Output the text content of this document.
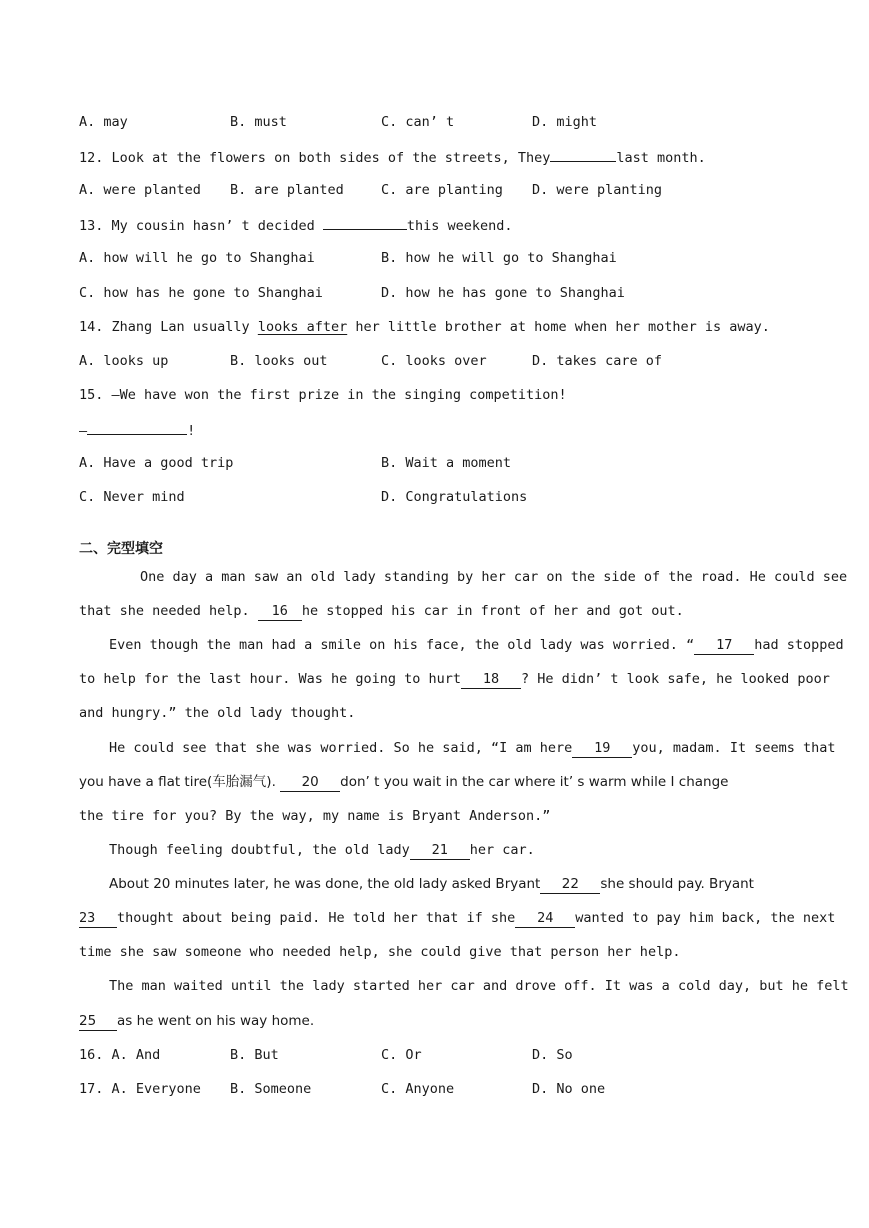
A. may	B. must	C. can’ t	D. might
12. Look at the flowers on both sides of the streets, They	last month.
A. were planted B. are planted	C. are planting D. were planting
13. My cousin hasn’ t decided	this weekend.
A. how will he go to Shanghai	B. how he will go to Shanghai
C. how has he gone to Shanghai	D. how he has gone to Shanghai
14. Zhang Lan usually looks after her little brother at home when her mother is away.
A. looks up	B. looks out	C. looks over	D. takes care of
15. —We have won the first prize in the singing competition!
—	!
A. Have a good trip	B. Wait a moment
C. Never mind	D. Congratulations
二、完型填空
One day a man saw an old lady standing by her car on the side of the road. He could see
that she needed help. 16 he stopped his car in front of her and got out.
Even though the man had a smile on his face, the old lady was worried. “ 17 had stopped
to help for the last hour. Was he going to hurt 18 ? He didn’ t look safe, he looked poor
and hungry.” the old lady thought.
He could see that she was worried. So he said, “I am here 19 you, madam. It seems that
you have a flat tire(车胎漏气). 20 don’ t you wait in the car where it’ s warm while I change
the tire for you? By the way, my name is Bryant Anderson.”
Though feeling doubtful, the old lady 21 her car.
About 20 minutes later, he was done, the old lady asked Bryant 22 she should pay. Bryant
23 thought about being paid. He told her that if she 24 wanted to pay him back, the next
time she saw someone who needed help, she could give that person her help.
The man waited until the lady started her car and drove off. It was a cold day, but he felt
25 as he went on his way home.
16. A. And	B. But	C. Or	D. So
17. A. Everyone B. Someone	C. Anyone	D. No one
